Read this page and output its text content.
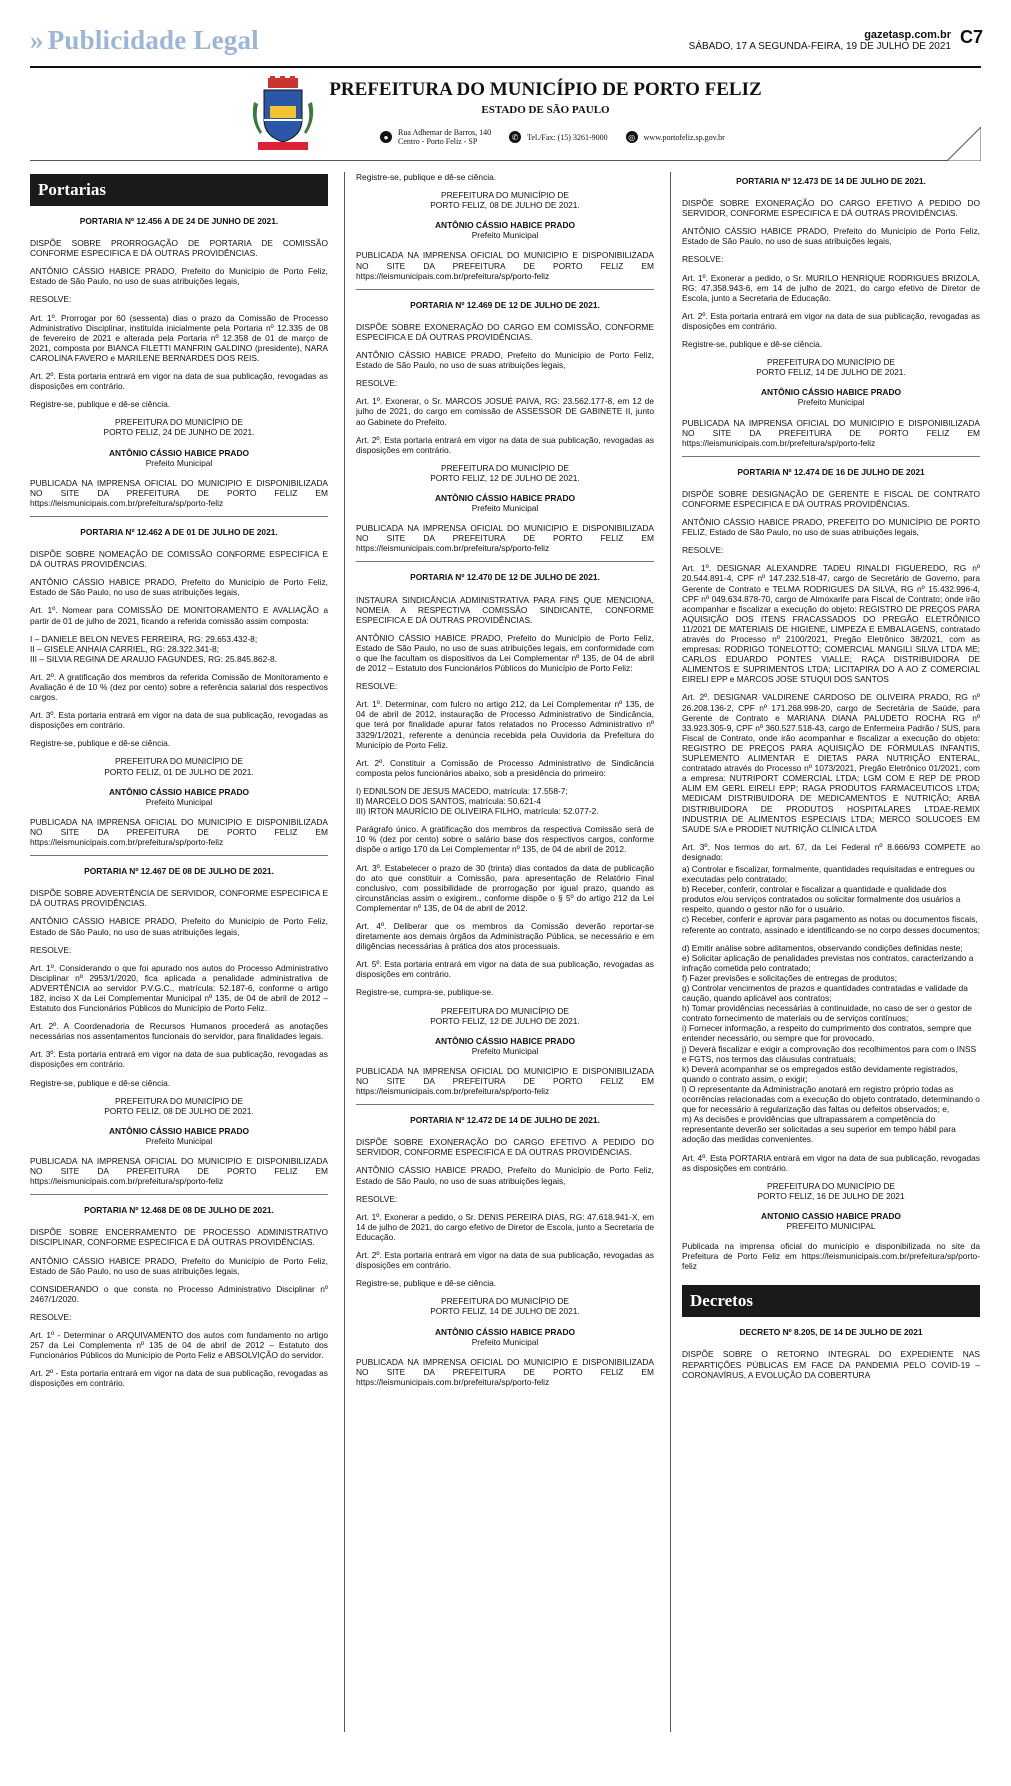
» Publicidade Legal	gazetasp.com.br
SÁBADO, 17 A SEGUNDA-FEIRA, 19 DE JULHO DE 2021 C7
PREFEITURA DO MUNICÍPIO DE PORTO FELIZ
ESTADO DE SÃO PAULO
●	Rua Adhemar de Barros, 140
Centro - Porto Feliz - SP	✆	Tel./Fax: (15) 3261-9000	◎	www.portofeliz.sp.gov.br
Portarias
PORTARIA Nº 12.456 A DE 24 DE JUNHO DE 2021.

DISPÕE SOBRE PRORROGAÇÃO DE PORTARIA DE COMISSÃO CONFORME ESPECIFICA E DÁ OUTRAS PROVIDÊNCIAS.

ANTÔNIO CÁSSIO HABICE PRADO, Prefeito do Município de Porto Feliz, Estado de São Paulo, no uso de suas atribuições legais,

RESOLVE:

Art. 1º. Prorrogar por 60 (sessenta) dias o prazo da Comissão de Processo Administrativo Disciplinar, instituída inicialmente pela Portaria nº 12.335 de 08 de fevereiro de 2021 e alterada pela Portaria nº 12.358 de 01 de março de 2021, composta por BIANCA FILETTI MANFRIN GALDINO (presidente), NARA CAROLINA FAVERO e MARILENE BERNARDES DOS REIS.

Art. 2º. Esta portaria entrará em vigor na data de sua publicação, revogadas as disposições em contrário.

Registre-se, publique e dê-se ciência.

PREFEITURA DO MUNICÍPIO DE

PORTO FELIZ, 24 DE JUNHO DE 2021.

ANTÔNIO CÁSSIO HABICE PRADO

Prefeito Municipal

PUBLICADA NA IMPRENSA OFICIAL DO MUNICIPIO E DISPONIBILIZADA NO SITE DA PREFEITURA DE PORTO FELIZ EM https://leismunicipais.com.br/prefeitura/sp/porto-feliz

PORTARIA Nº 12.462 A DE 01 DE JULHO DE 2021.

DISPÕE SOBRE NOMEAÇÃO DE COMISSÃO CONFORME ESPECIFICA E DÁ OUTRAS PROVIDÊNCIAS.

ANTÔNIO CÁSSIO HABICE PRADO, Prefeito do Município de Porto Feliz, Estado de São Paulo, no uso de suas atribuições legais,

Art. 1º. Nomear para COMISSÃO DE MONITORAMENTO E AVALIAÇÃO a partir de 01 de julho de 2021, ficando a referida comissão assim composta:

I – DANIELE BELON NEVES FERREIRA, RG: 29.653.432-8;
II – GISELE ANHAIA CARRIEL, RG: 28.322.341-8;
III – SILVIA REGINA DE ARAUJO FAGUNDES, RG: 25.845.862-8.

Art. 2º. A gratificação dos membros da referida Comissão de Monitoramento e Avaliação é de 10 % (dez por cento) sobre a referência salarial dos respectivos cargos.

Art. 3º. Esta portaria entrará em vigor na data de sua publicação, revogadas as disposições em contrário.

Registre-se, publique e dê-se ciência.

PREFEITURA DO MUNICÍPIO DE

PORTO FELIZ, 01 DE JULHO DE 2021.

ANTÔNIO CÁSSIO HABICE PRADO

Prefeito Municipal

PUBLICADA NA IMPRENSA OFICIAL DO MUNICIPIO E DISPONIBILIZADA NO SITE DA PREFEITURA DE PORTO FELIZ EM https://leismunicipais.com.br/prefeitura/sp/porto-feliz

PORTARIA Nº 12.467 DE 08 DE JULHO DE 2021.

DISPÕE SOBRE ADVERTÊNCIA DE SERVIDOR, CONFORME ESPECIFICA E DÁ OUTRAS PROVIDÊNCIAS.

ANTÔNIO CÁSSIO HABICE PRADO, Prefeito do Município de Porto Feliz, Estado de São Paulo, no uso de suas atribuições legais,

RESOLVE:

Art. 1º. Considerando o que foi apurado nos autos do Processo Administrativo Disciplinar nº 2953/1/2020, fica aplicada a penalidade administrativa de ADVERTÊNCIA ao servidor P.V.G.C., matrícula: 52.187-6, conforme o artigo 182, inciso X da Lei Complementar Municipal nº 135, de 04 de abril de 2012 – Estatuto dos Funcionários Públicos do Município de Porto Feliz.

Art. 2º. A Coordenadoria de Recursos Humanos procederá as anotações necessárias nos assentamentos funcionais do servidor, para finalidades legais.

Art. 3º. Esta portaria entrará em vigor na data de sua publicação, revogadas as disposições em contrário.

Registre-se, publique e dê-se ciência.

PREFEITURA DO MUNICÍPIO DE

PORTO FELIZ, 08 DE JULHO DE 2021.

ANTÔNIO CÁSSIO HABICE PRADO

Prefeito Municipal

PUBLICADA NA IMPRENSA OFICIAL DO MUNICIPIO E DISPONIBILIZADA NO SITE DA PREFEITURA DE PORTO FELIZ EM https://leismunicipais.com.br/prefeitura/sp/porto-feliz

PORTARIA Nº 12.468 DE 08 DE JULHO DE 2021.

DISPÕE SOBRE ENCERRAMENTO DE PROCESSO ADMINISTRATIVO DISCIPLINAR, CONFORME ESPECIFICA E DÁ OUTRAS PROVIDÊNCIAS.

ANTÔNIO CÁSSIO HABICE PRADO, Prefeito do Município de Porto Feliz, Estado de São Paulo, no uso de suas atribuições legais,

CONSIDERANDO o que consta no Processo Administrativo Disciplinar nº 2467/1/2020.

RESOLVE:

Art. 1º - Determinar o ARQUIVAMENTO dos autos com fundamento no artigo 257 da Lei Complementa nº 135 de 04 de abril de 2012 – Estatuto dos Funcionários Públicos do Município de Porto Feliz e ABSOLVIÇÃO do servidor.

Art. 2º - Esta portaria entrará em vigor na data de sua publicação, revogadas as disposições em contrário.

Registre-se, publique e dê-se ciência.

PREFEITURA DO MUNICÍPIO DE

PORTO FELIZ, 08 DE JULHO DE 2021.

ANTÔNIO CÁSSIO HABICE PRADO

Prefeito Municipal

PUBLICADA NA IMPRENSA OFICIAL DO MUNICIPIO E DISPONIBILIZADA NO SITE DA PREFEITURA DE PORTO FELIZ EM https://leismunicipais.com.br/prefeitura/sp/porto-feliz

PORTARIA Nº 12.469 DE 12 DE JULHO DE 2021.

DISPÕE SOBRE EXONERAÇÃO DO CARGO EM COMISSÃO, CONFORME ESPECIFICA E DÁ OUTRAS PROVIDÊNCIAS.

ANTÔNIO CÁSSIO HABICE PRADO, Prefeito do Município de Porto Feliz, Estado de São Paulo, no uso de suas atribuições legais,

RESOLVE:

Art. 1º. Exonerar, o Sr. MARCOS JOSUÉ PAIVA, RG: 23.562.177-8, em 12 de julho de 2021, do cargo em comissão de ASSESSOR DE GABINETE II, junto ao Gabinete do Prefeito.

Art. 2º. Esta portaria entrará em vigor na data de sua publicação, revogadas as disposições em contrário.

PREFEITURA DO MUNICÍPIO DE

PORTO FELIZ, 12 DE JULHO DE 2021.

ANTÔNIO CÁSSIO HABICE PRADO

Prefeito Municipal

PUBLICADA NA IMPRENSA OFICIAL DO MUNICIPIO E DISPONIBILIZADA NO SITE DA PREFEITURA DE PORTO FELIZ EM https://leismunicipais.com.br/prefeitura/sp/porto-feliz

PORTARIA Nº 12.470 DE 12 DE JULHO DE 2021.

INSTAURA SINDICÂNCIA ADMINISTRATIVA PARA FINS QUE MENCIONA, NOMEIA A RESPECTIVA COMISSÃO SINDICANTE, CONFORME ESPECIFICA E DÁ OUTRAS PROVIDÊNCIAS.

ANTÔNIO CÁSSIO HABICE PRADO, Prefeito do Município de Porto Feliz, Estado de São Paulo, no uso de suas atribuições legais, em conformidade com o que lhe facultam os dispositivos da Lei Complementar nº 135, de 04 de abril de 2012 – Estatuto dos Funcionários Públicos do Município de Porto Feliz:

RESOLVE:

Art. 1º. Determinar, com fulcro no artigo 212, da Lei Complementar nº 135, de 04 de abril de 2012, instauração de Processo Administrativo de Sindicância, que terá por finalidade apurar fatos relatados no Processo Administrativo nº 3329/1/2021, referente a denúncia recebida pela Ouvidoria da Prefeitura do Município de Porto Feliz.

Art. 2º. Constituir a Comissão de Processo Administrativo de Sindicância composta pelos funcionários abaixo, sob a presidência do primeiro:

I) EDNILSON DE JESUS MACEDO, matrícula: 17.558-7;
II) MARCELO DOS SANTOS, matrícula: 50.621-4
III) IRTON MAURÍCIO DE OLIVEIRA FILHO, matrícula: 52.077-2.

Parágrafo único. A gratificação dos membros da respectiva Comissão será de 10 % (dez por cento) sobre o salário base dos respectivos cargos, conforme dispõe o artigo 170 da Lei Complementar nº 135, de 04 de abril de 2012.

Art. 3º. Estabelecer o prazo de 30 (trinta) dias contados da data de publicação do ato que constituir a Comissão, para apresentação de Relatório Final conclusivo, com possibilidade de prorrogação por igual prazo, quando as circunstâncias assim o exigirem., conforme dispõe o § 5º do artigo 212 da Lei Complementar nº 135, de 04 de abril de 2012.

Art. 4º. Deliberar que os membros da Comissão deverão reportar-se diretamente aos demais órgãos da Administração Pública, se necessário e em diligências necessárias à prática dos atos processuais.

Art. 5º. Esta portaria entrará em vigor na data de sua publicação, revogadas as disposições em contrário.

Registre-se, cumpra-se, publique-se.

PREFEITURA DO MUNICÍPIO DE

PORTO FELIZ, 12 DE JULHO DE 2021.

ANTÔNIO CÁSSIO HABICE PRADO

Prefeito Municipal

PUBLICADA NA IMPRENSA OFICIAL DO MUNICIPIO E DISPONIBILIZADA NO SITE DA PREFEITURA DE PORTO FELIZ EM https://leismunicipais.com.br/prefeitura/sp/porto-feliz

PORTARIA Nº 12.472 DE 14 DE JULHO DE 2021.

DISPÕE SOBRE EXONERAÇÃO DO CARGO EFETIVO A PEDIDO DO SERVIDOR, CONFORME ESPECIFICA E DÁ OUTRAS PROVIDÊNCIAS.

ANTÔNIO CÁSSIO HABICE PRADO, Prefeito do Município de Porto Feliz, Estado de São Paulo, no uso de suas atribuições legais,

RESOLVE:

Art. 1º. Exonerar a pedido, o Sr. DENIS PEREIRA DIAS, RG: 47.618.941-X, em 14 de julho de 2021, do cargo efetivo de Diretor de Escola, junto a Secretaria de Educação.

Art. 2º. Esta portaria entrará em vigor na data de sua publicação, revogadas as disposições em contrário.

Registre-se, publique e dê-se ciência.

PREFEITURA DO MUNICÍPIO DE

PORTO FELIZ, 14 DE JULHO DE 2021.

ANTÔNIO CÁSSIO HABICE PRADO

Prefeito Municipal

PUBLICADA NA IMPRENSA OFICIAL DO MUNICIPIO E DISPONIBILIZADA NO SITE DA PREFEITURA DE PORTO FELIZ EM https://leismunicipais.com.br/prefeitura/sp/porto-feliz

PORTARIA Nº 12.473 DE 14 DE JULHO DE 2021.

DISPÕE SOBRE EXONERAÇÃO DO CARGO EFETIVO A PEDIDO DO SERVIDOR, CONFORME ESPECIFICA E DÁ OUTRAS PROVIDÊNCIAS.

ANTÔNIO CÁSSIO HABICE PRADO, Prefeito do Município de Porto Feliz, Estado de São Paulo, no uso de suas atribuições legais,

RESOLVE:

Art. 1º. Exonerar a pedido, o Sr. MURILO HENRIQUE RODRIGUES BRIZOLA, RG: 47.358.943-6, em 14 de julho de 2021, do cargo efetivo de Diretor de Escola, junto a Secretaria de Educação.

Art. 2º. Esta portaria entrará em vigor na data de sua publicação, revogadas as disposições em contrário.

Registre-se, publique e dê-se ciência.

PREFEITURA DO MUNICÍPIO DE

PORTO FELIZ, 14 DE JULHO DE 2021.

ANTÔNIO CÁSSIO HABICE PRADO

Prefeito Municipal

PUBLICADA NA IMPRENSA OFICIAL DO MUNICIPIO E DISPONIBILIZADA NO SITE DA PREFEITURA DE PORTO FELIZ EM https://leismunicipais.com.br/prefeitura/sp/porto-feliz

PORTARIA Nº 12.474 DE 16 DE JULHO DE 2021

DISPÕE SOBRE DESIGNAÇÃO DE GERENTE E FISCAL DE CONTRATO CONFORME ESPECIFICA E DÁ OUTRAS PROVIDÊNCIAS.

ANTÔNIO CÁSSIO HABICE PRADO, PREFEITO DO MUNICÍPIO DE PORTO FELIZ, Estado de São Paulo, no uso de suas atribuições legais,

RESOLVE:

Art. 1º. DESIGNAR ALEXANDRE TADEU RINALDI FIGUEREDO, RG nº 20.544.891-4, CPF nº 147.232.518-47, cargo de Secretário de Governo, para Gerente de Contrato e TELMA RODRIGUES DA SILVA, RG nº 15.432.996-4, CPF nº 049.634.878-70, cargo de Almoxarife para Fiscal de Contrato; onde irão acompanhar e fiscalizar a execução do objeto: REGISTRO DE PREÇOS PARA AQUISIÇÃO DOS ITENS FRACASSADOS DO PREGÃO ELETRÔNICO 11/2021 DE MATERIAIS DE HIGIENE, LIMPEZA E EMBALAGENS, contratado através do Processo nº 2100/2021, Pregão Eletrônico 38/2021, com as empresas: RODRIGO TONELOTTO; COMERCIAL MANGILI SILVA LTDA ME; CARLOS EDUARDO PONTES VIALLE; RAÇA DISTRIBUIDORA DE ALIMENTOS E SUPRIMENTOS LTDA; LICITAPIRA DO A AO Z COMERCIAL EIRELI EPP e MARCOS JOSE STUQUI DOS SANTOS

Art. 2º. DESIGNAR VALDIRENE CARDOSO DE OLIVEIRA PRADO, RG nº 26.208.136-2, CPF nº 171.268.998-20, cargo de Secretária de Saúde, para Gerente de Contrato e MARIANA DIANA PALUDETO ROCHA RG nº 33.923.305-9, CPF nº 360.527.518-43, cargo de Enfermeira Padrão / SUS, para Fiscal de Contrato, onde irão acompanhar e fiscalizar a execução do objeto: REGISTRO DE PREÇOS PARA AQUISIÇÃO DE FÓRMULAS INFANTIS, SUPLEMENTO ALIMENTAR E DIETAS PARA NUTRIÇÃO ENTERAL, contratado através do Processo nº 1073/2021, Pregão Eletrônico 01/2021, com a empresa: NUTRIPORT COMERCIAL LTDA; LGM COM E REP DE PROD ALIM EM GERL EIRELI EPP; RAGA PRODUTOS FARMACEUTICOS LTDA; MEDICAM DISTRIBUIDORA DE MEDICAMENTOS E NUTRIÇÃO; ARBA DISTRIBUIDORA DE PRODUTOS HOSPITALARES LTDAE-REMIX INDUSTRIA DE ALIMENTOS ESPECIAIS LTDA; MERCO SOLUCOES EM SAUDE S/A e PRODIET NUTRIÇÃO CLÍNICA LTDA

Art. 3º. Nos termos do art. 67, da Lei Federal nº 8.666/93 COMPETE ao designado:

a) Controlar e fiscalizar, formalmente, quantidades requisitadas e entregues ou executadas pelo contratado;
b) Receber, conferir, controlar e fiscalizar a quantidade e qualidade dos produtos e/ou serviços contratados ou solicitar formalmente dos usuários a respeito, quando o gestor não for o usuário.
c) Receber, conferir e aprovar para pagamento as notas ou documentos fiscais, referente ao contrato, assinado e identificando-se no corpo desses documentos;
d) Emitir análise sobre aditamentos, observando condições definidas neste;
e) Solicitar aplicação de penalidades previstas nos contratos, caracterizando a infração cometida pelo contratado;
f) Fazer previsões e solicitações de entregas de produtos;
g) Controlar vencimentos de prazos e quantidades contratadas e validade da caução, quando aplicável aos contratos;
h) Tomar providências necessárias à continuidade, no caso de ser o gestor de contrato fornecimento de materiais ou de serviços contínuos;
i) Fornecer informação, a respeito do cumprimento dos contratos, sempre que entender necessário, ou sempre que for provocado.
j) Deverá fiscalizar e exigir a comprovação dos recolhimentos para com o INSS e FGTS, nos termos das cláusulas contratuais;
k) Deverá acompanhar se os empregados estão devidamente registrados, quando o contrato assim, o exigir;
l) O representante da Administração anotará em registro próprio todas as ocorrências relacionadas com a execução do objeto contratado, determinando o que for necessário à regularização das faltas ou defeitos observados; e,
m) As decisões e providências que ultrapassarem a competência do representante deverão ser solicitadas a seu superior em tempo hábil para adoção das medidas convenientes.

Art. 4º. Esta PORTARIA entrará em vigor na data de sua publicação, revogadas as disposições em contrário.

PREFEITURA DO MUNICÍPIO DE

PORTO FELIZ, 16 DE JULHO DE 2021

ANTONIO CASSIO HABICE PRADO

PREFEITO MUNICIPAL

Publicada na imprensa oficial do município e disponibilizada no site da Prefeitura de Porto Feliz em https://leismunicipais.com.br/prefeitura/sp/porto-feliz

Decretos
DECRETO Nº 8.205, DE 14 DE JULHO DE 2021

DISPÕE SOBRE O RETORNO INTEGRAL DO EXPEDIENTE NAS REPARTIÇÕES PÚBLICAS EM FACE DA PANDEMIA PELO COVID-19 – CORONAVÍRUS, A EVOLUÇÃO DA COBERTURA
